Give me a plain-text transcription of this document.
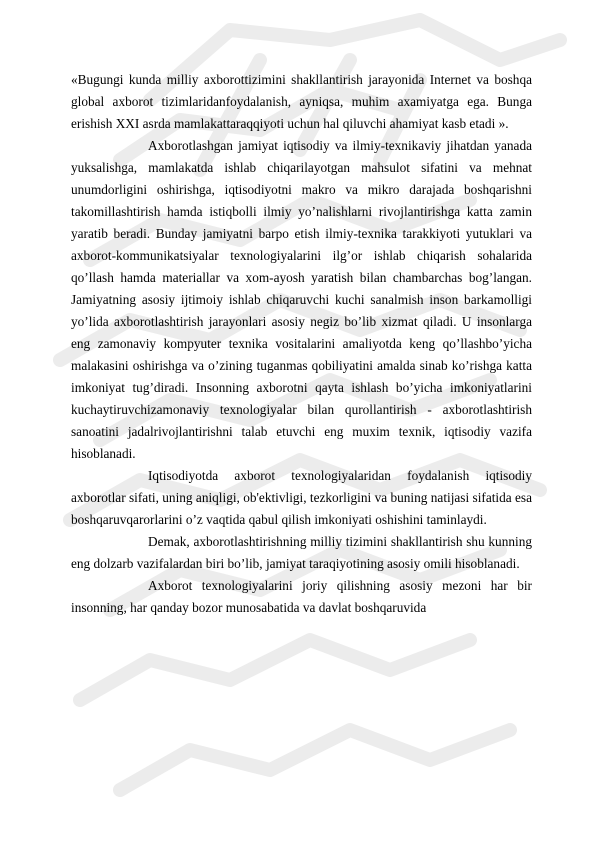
«Bugungi kunda milliy axborottizimini shakllantirish jarayonida Internet va boshqa global axborot tizimlaridanfoydalanish, ayniqsa, muhim axamiyatga ega. Bunga erishish XXI asrda mamlakattaraqqiyoti uchun hal qiluvchi ahamiyat kasb etadi ».

Axborotlashgan jamiyat iqtisodiy va ilmiy-texnikaviy jihatdan yanada yuksalishga, mamlakatda ishlab chiqarilayotgan mahsulot sifatini va mehnat unumdorligini oshirishga, iqtisodiyotni makro va mikro darajada boshqarishni takomillashtirish hamda istiqbolli ilmiy yo’nalishlarni rivojlantirishga katta zamin yaratib beradi. Bunday jamiyatni barpo etish ilmiy-texnika tarakkiyoti yutuklari va axborot-kommunikatsiyalar texnologiyalarini ilg’or ishlab chiqarish sohalarida qo’llash hamda materiallar va xom-ayosh yaratish bilan chambarchas bog’langan. Jamiyatning asosiy ijtimoiy ishlab chiqaruvchi kuchi sanalmish inson barkamolligi yo’lida axborotlashtirish jarayonlari asosiy negiz bo’lib xizmat qiladi. U insonlarga eng zamonaviy kompyuter texnika vositalarini amaliyotda keng qo’llashbo’yicha malakasini oshirishga va o’zining tuganmas qobiliyatini amalda sinab ko’rishga katta imkoniyat tug’diradi. Insonning axborotni qayta ishlash bo’yicha imkoniyatlarini kuchaytiruvchizamonaviy texnologiyalar bilan qurollantirish - axborotlashtirish sanoatini jadalrivojlantirishni talab etuvchi eng muxim texnik, iqtisodiy vazifa hisoblanadi.

Iqtisodiyotda axborot texnologiyalaridan foydalanish iqtisodiy axborotlar sifati, uning aniqligi, ob'ektivligi, tezkorligini va buning natijasi sifatida esa boshqaruvqarorlarini o’z vaqtida qabul qilish imkoniyati oshishini taminlaydi.

Demak, axborotlashtirishning milliy tizimini shakllantirish shu kunning eng dolzarb vazifalardan biri bo’lib, jamiyat taraqiyotining asosiy omili hisoblanadi.

Axborot texnologiyalarini joriy qilishning asosiy mezoni har bir insonning, har qanday bozor munosabatida va davlat boshqaruvida
